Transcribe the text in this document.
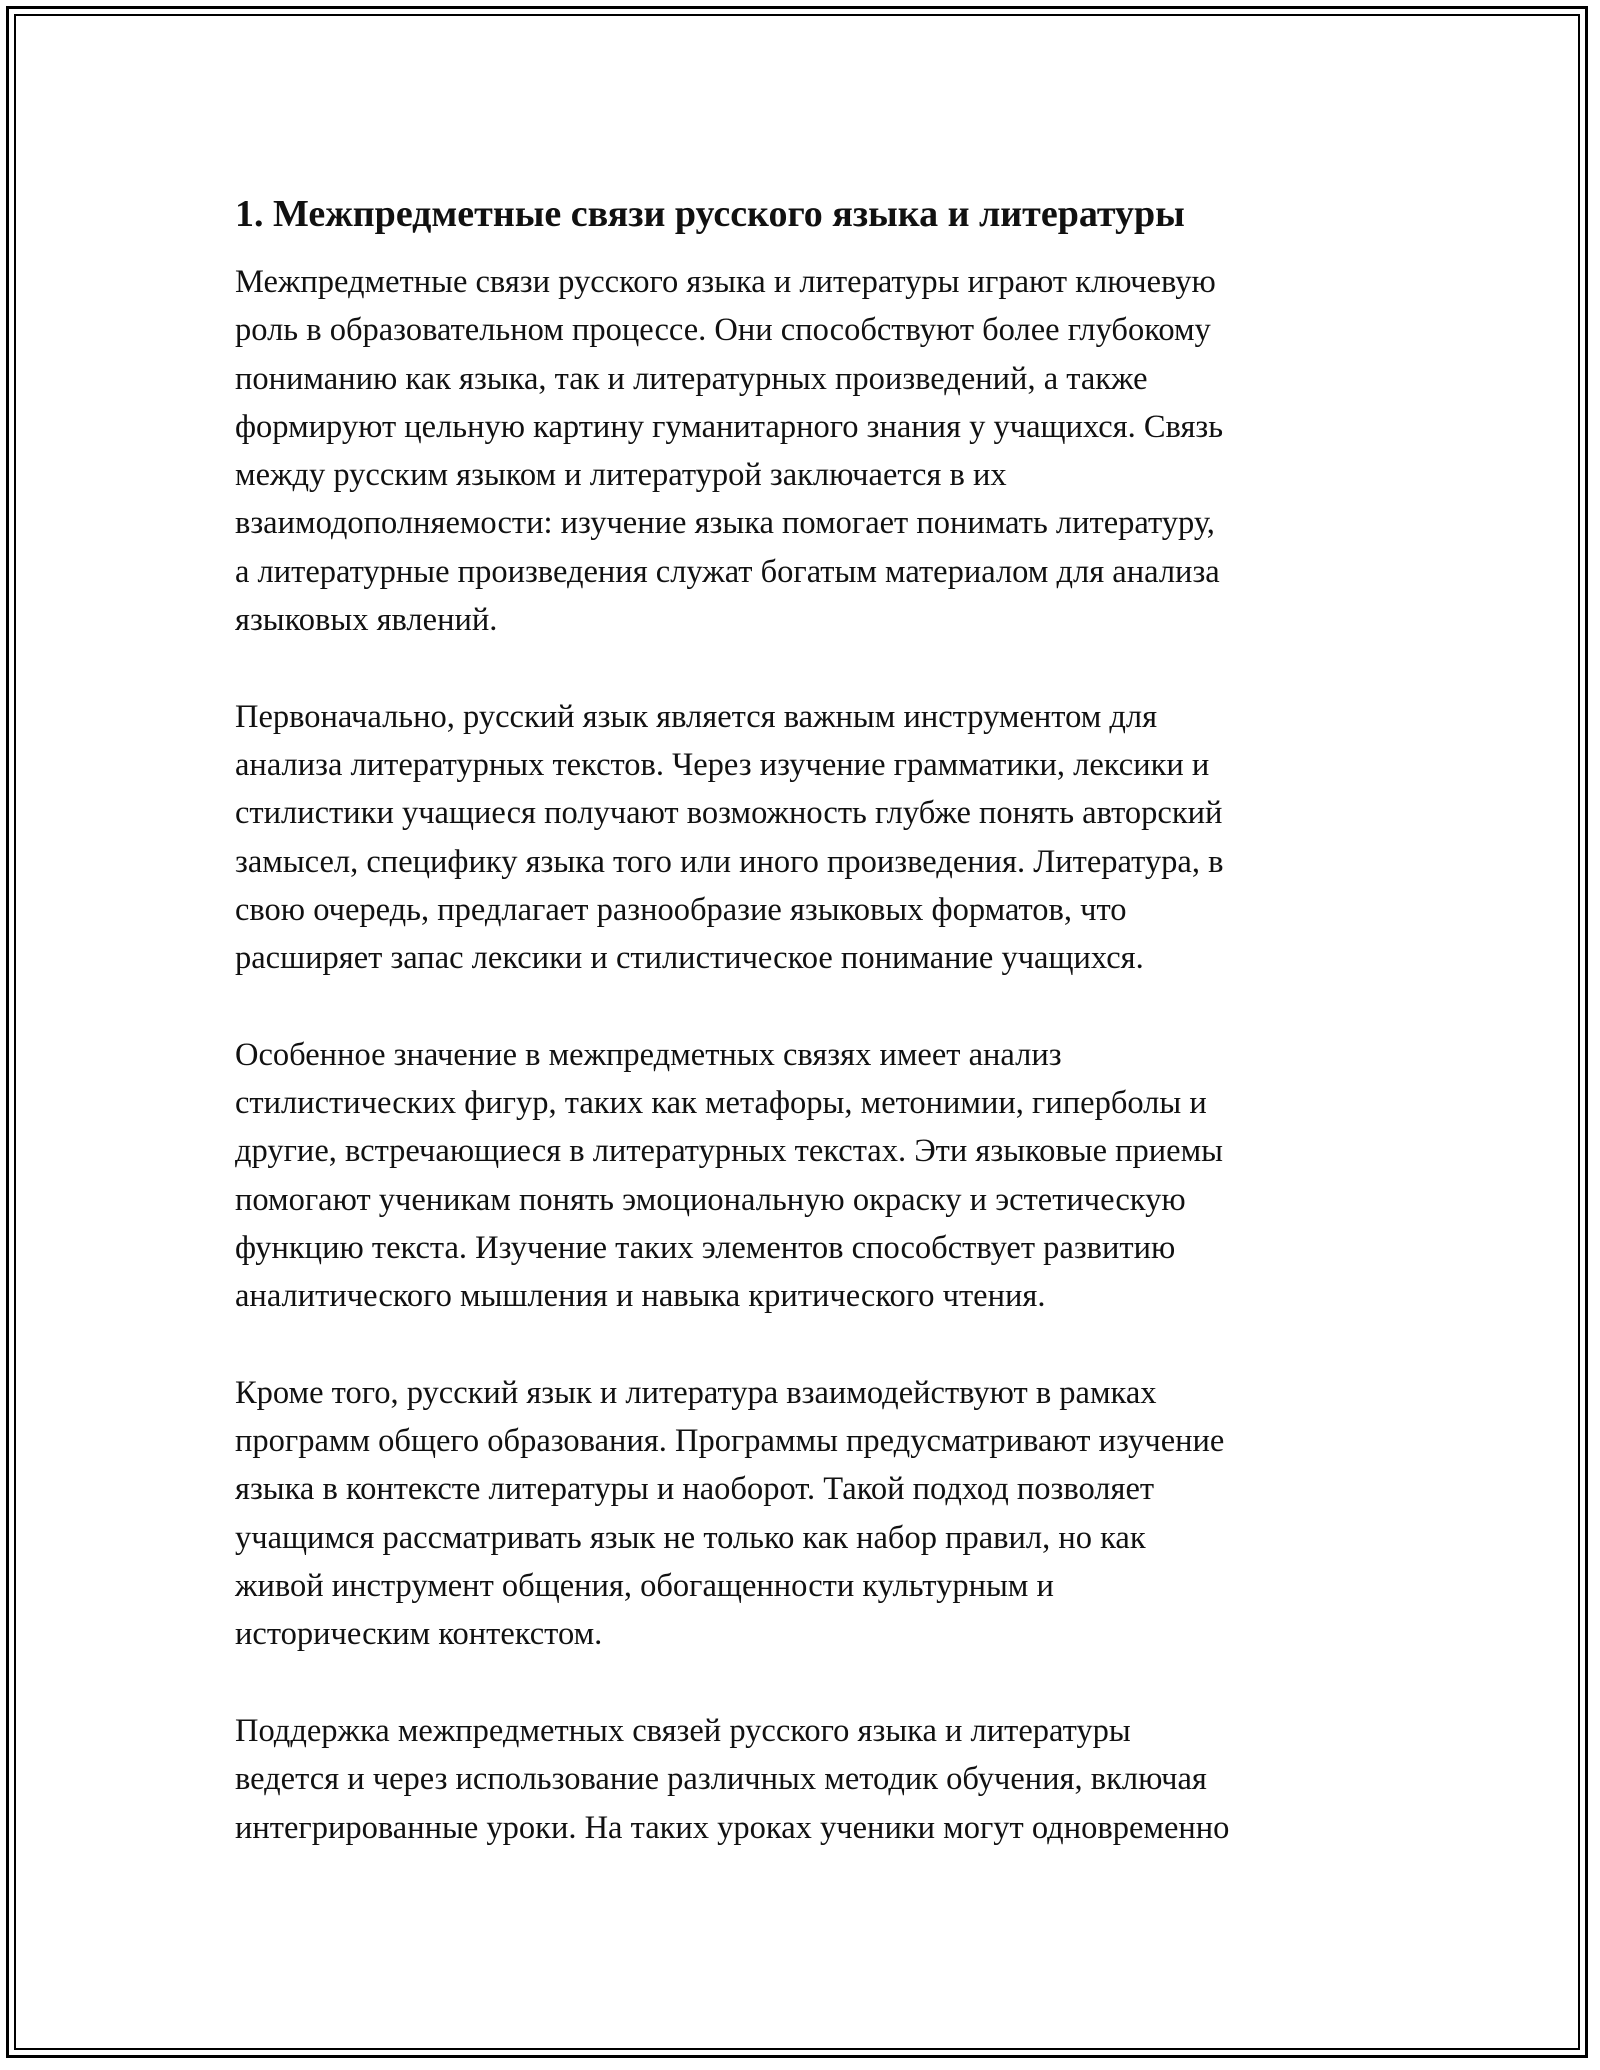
1. Межпредметные связи русского языка и литературы

Межпредметные связи русского языка и литературы играют ключевую
роль в образовательном процессе. Они способствуют более глубокому
пониманию как языка, так и литературных произведений, а также
формируют цельную картину гуманитарного знания у учащихся. Связь
между русским языком и литературой заключается в их
взаимодополняемости: изучение языка помогает понимать литературу,
а литературные произведения служат богатым материалом для анализа
языковых явлений.

Первоначально, русский язык является важным инструментом для
анализа литературных текстов. Через изучение грамматики, лексики и
стилистики учащиеся получают возможность глубже понять авторский
замысел, специфику языка того или иного произведения. Литература, в
свою очередь, предлагает разнообразие языковых форматов, что
расширяет запас лексики и стилистическое понимание учащихся.

Особенное значение в межпредметных связях имеет анализ
стилистических фигур, таких как метафоры, метонимии, гиперболы и
другие, встречающиеся в литературных текстах. Эти языковые приемы
помогают ученикам понять эмоциональную окраску и эстетическую
функцию текста. Изучение таких элементов способствует развитию
аналитического мышления и навыка критического чтения.

Кроме того, русский язык и литература взаимодействуют в рамках
программ общего образования. Программы предусматривают изучение
языка в контексте литературы и наоборот. Такой подход позволяет
учащимся рассматривать язык не только как набор правил, но как
живой инструмент общения, обогащенности культурным и
историческим контекстом.

Поддержка межпредметных связей русского языка и литературы
ведется и через использование различных методик обучения, включая
интегрированные уроки. На таких уроках ученики могут одновременно
